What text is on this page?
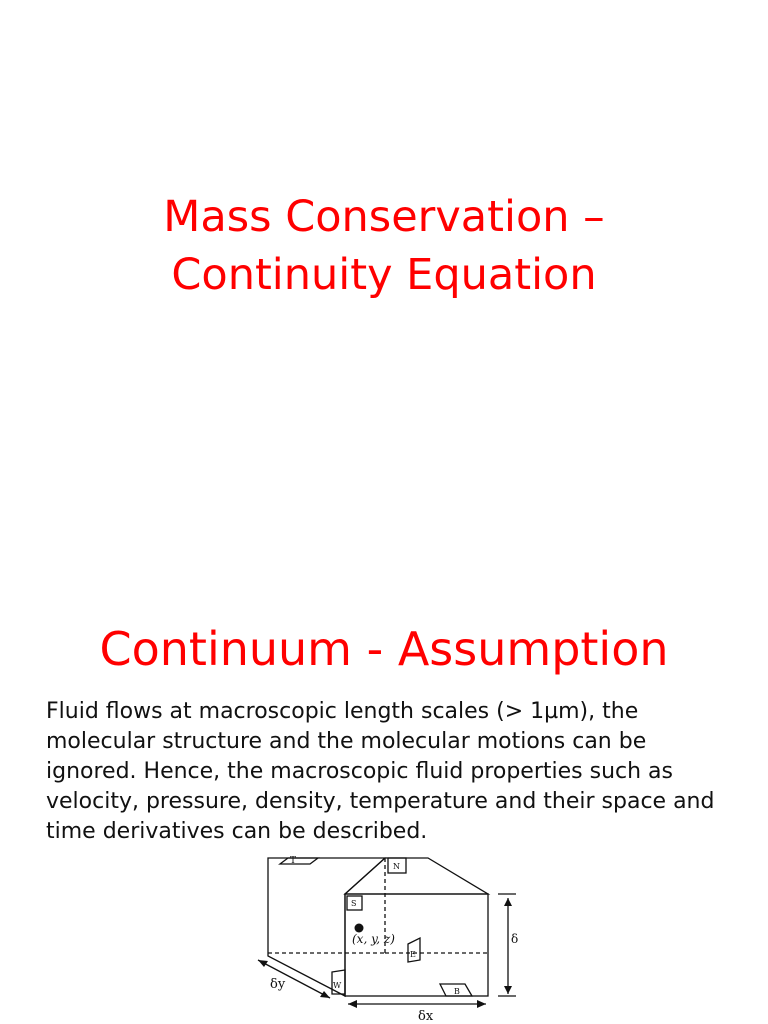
Mass Conservation –
Continuity Equation
Continuum - Assumption

Fluid flows at macroscopic length scales (> 1µm), the molecular structure and the molecular motions can be ignored. Hence, the macroscopic fluid properties such as velocity, pressure, density, temperature and their space and time derivatives can be described.

T
N
S
W
E
B
(x, y, z)
δy
δx
δ
